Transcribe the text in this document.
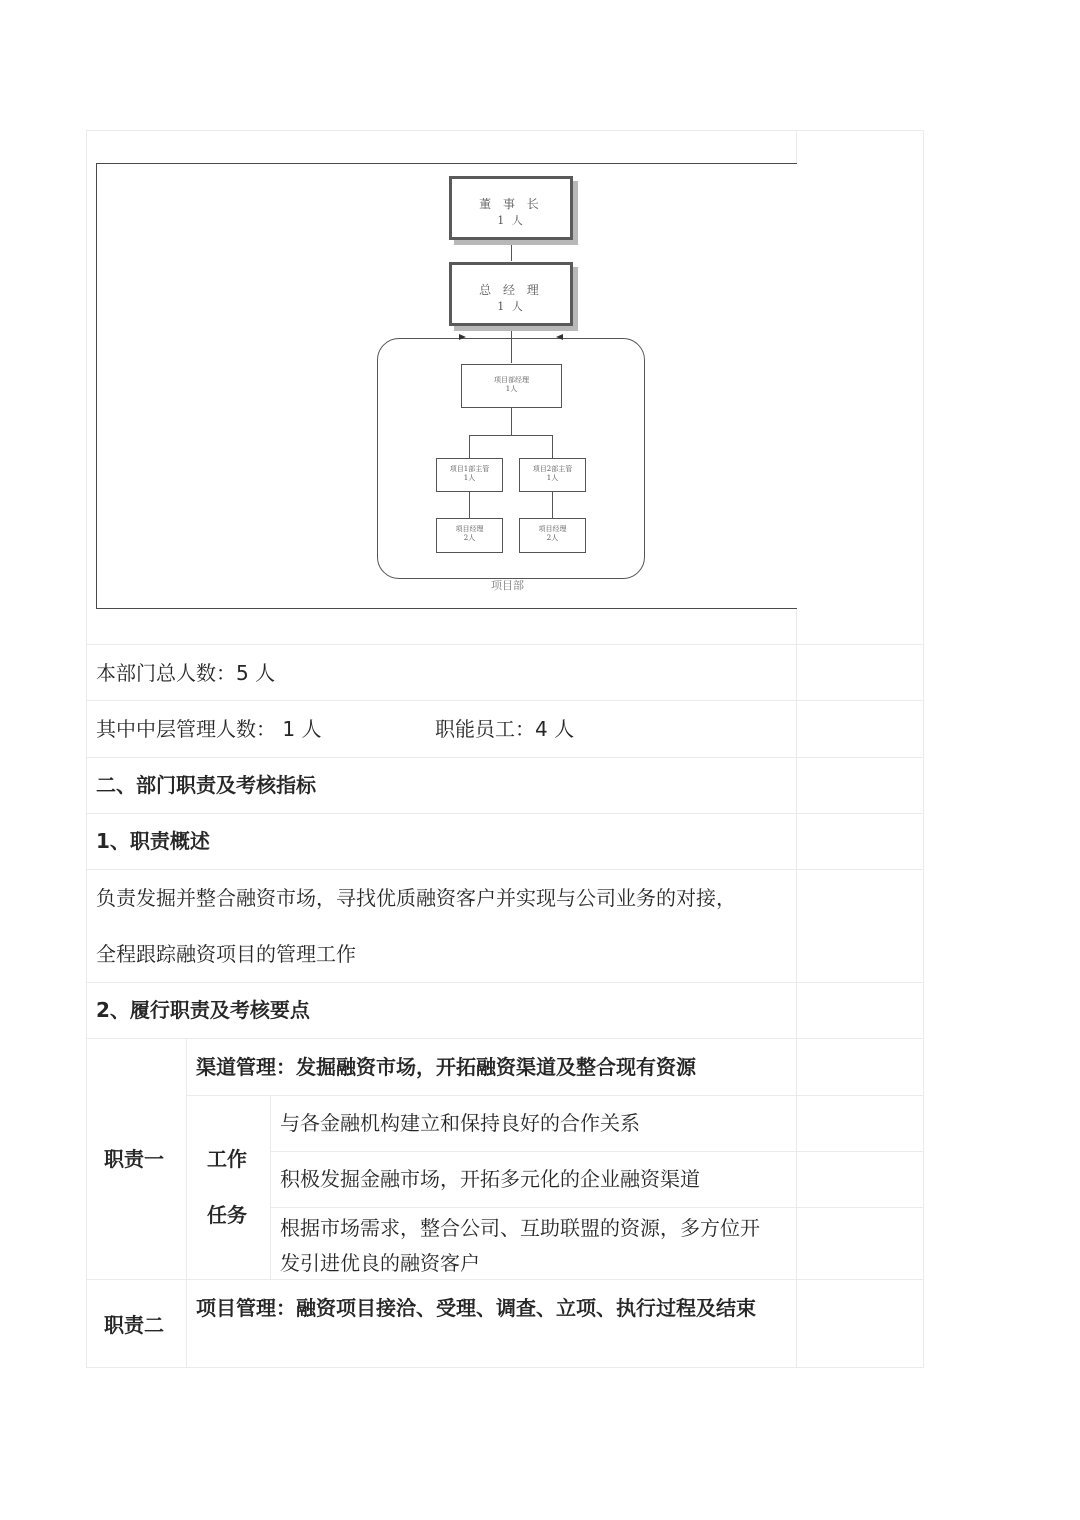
项目部
董 事 长
1 人
总 经 理
1 人
项目部经理
1人
项目1部主管
1人
项目2部主管
1人
项目经理
2人
项目经理
2人
本部门总人数：5 人
其中中层管理人数： 1 人	职能员工：4 人
二、部门职责及考核指标
1、职责概述
负责发掘并整合融资市场，寻找优质融资客户并实现与公司业务的对接，
全程跟踪融资项目的管理工作
2、履行职责及考核要点
职责一
渠道管理：发掘融资市场，开拓融资渠道及整合现有资源
工作
任务
与各金融机构建立和保持良好的合作关系
积极发掘金融市场，开拓多元化的企业融资渠道
根据市场需求，整合公司、互助联盟的资源，多方位开
发引进优良的融资客户
职责二
项目管理：融资项目接洽、受理、调查、立项、执行过程及结束
